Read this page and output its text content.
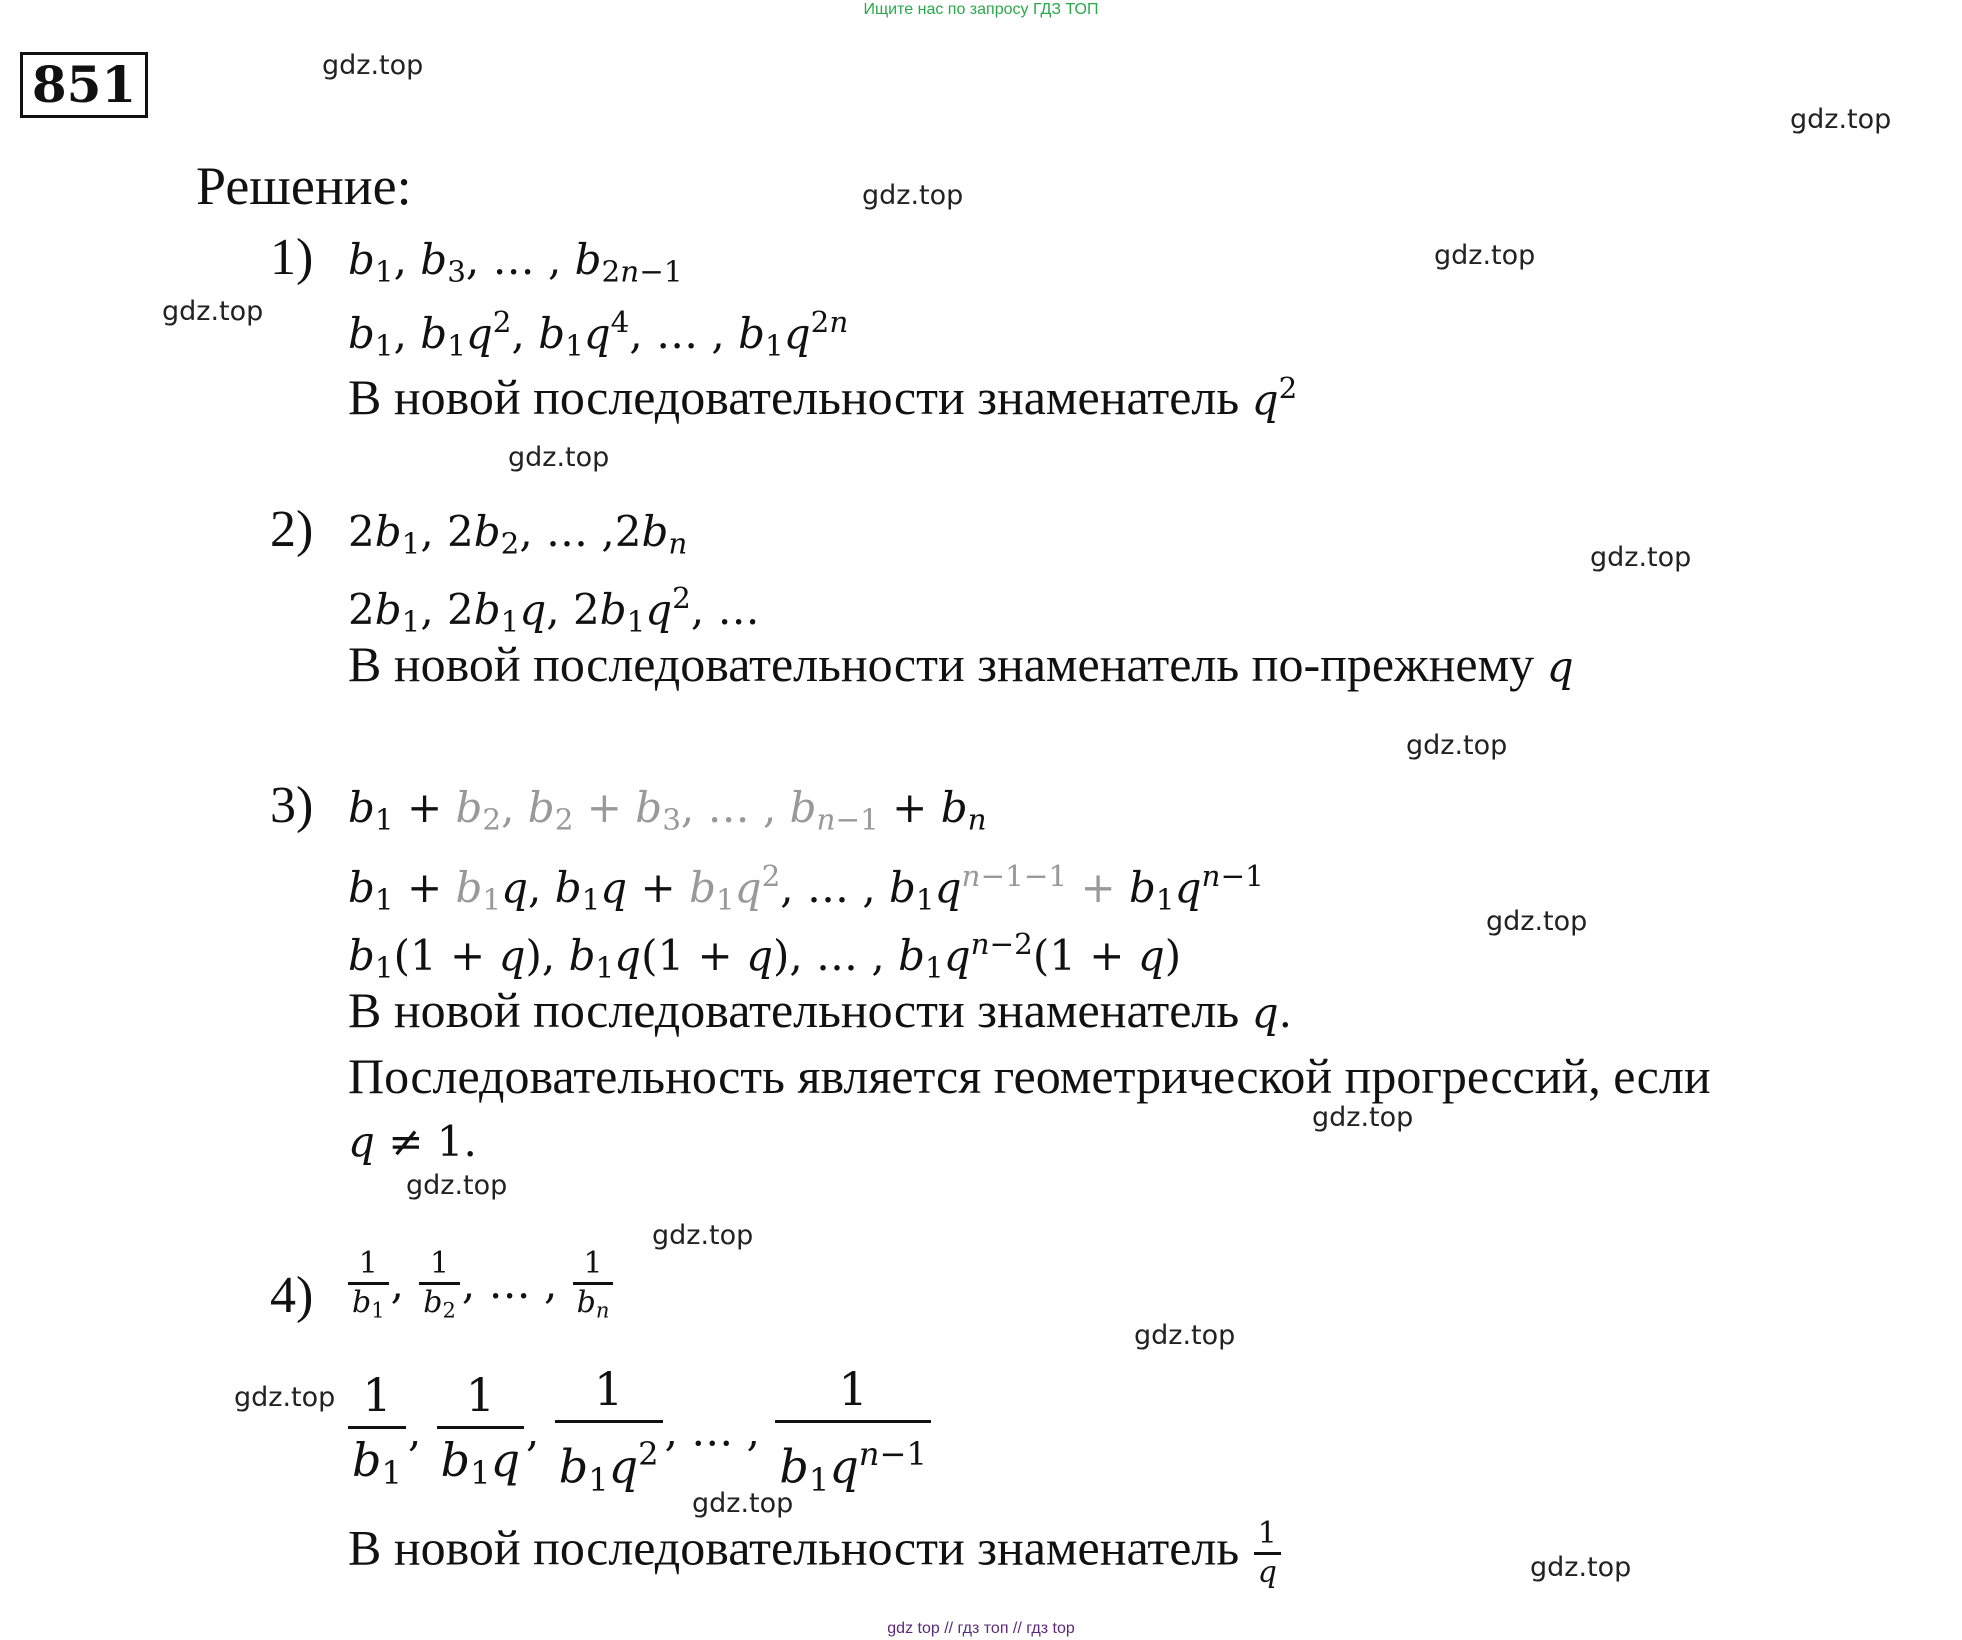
Ищите нас по запросу ГДЗ ТОП
851
Решение:
gdz.top
gdz.top
gdz.top
gdz.top
gdz.top
gdz.top
gdz.top
gdz.top
gdz.top
gdz.top
gdz.top
gdz.top
gdz.top
gdz.top
gdz.top
gdz.top
1) $b_1$, $b_3$, … , $b_{2n-1}$
$b_1$, $b_1q^2$, $b_1q^4$, … , $b_1q^{2n}$
В новой последовательности знаменатель $q^2$
2) $2b_1$, $2b_2$, … $,2b_n$
$2b_1$, $2b_1q$, $2b_1q^2$, …
В новой последовательности знаменатель по-прежнему q
3) $b_1 + b_2$, $b_2 + b_3$, … , $b_{n-1} + b_n$
$b_1 + b_1q$, $b_1q + b_1q^2$, … , $b_1q^{n-1-1} + b_1q^{n-1}$
$b_1(1 + q)$, $b_1q(1 + q)$, … , $b_1q^{n-2}(1 + q)$
В новой последовательности знаменатель q.
Последовательность является геометрической прогрессий, если
q ≠ 1.
$4) \frac{1}{b_1}$ , $\frac{1}{b_2}$ , … , $\frac{1}{b_n}$
$\frac{1}{b_1}$ , $\frac{1}{b_1q}$ , $\frac{1}{b_1q^2}$ , … , $\frac{1}{b_1q^{n-1}}$
В новой последовательности знаменатель $\frac{1}{q}$
gdz top // гдз топ // гдз top
